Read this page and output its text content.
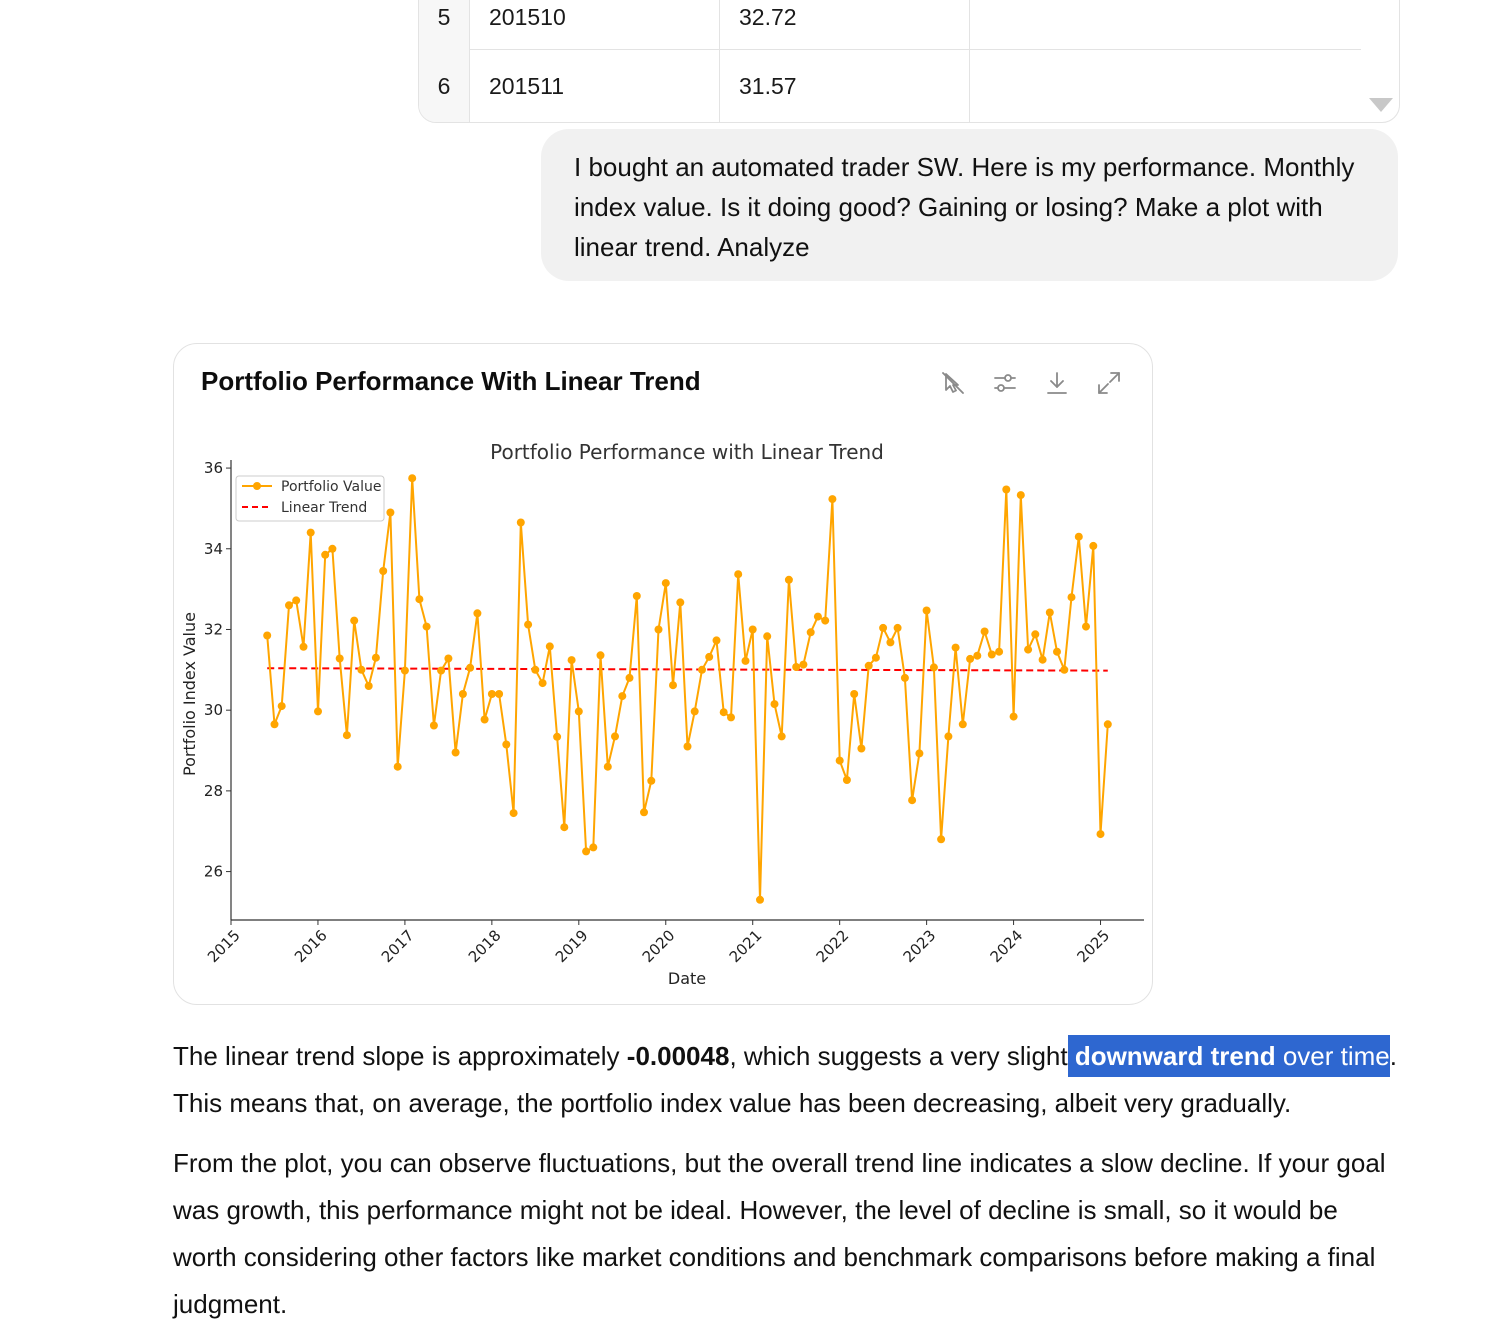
5	201510	32.72
6	201511	31.57
I bought an automated trader SW. Here is my performance. Monthly index value. Is it doing good? Gaining or losing? Make a plot with linear trend. Analyze
Portfolio Performance With Linear Trend
Portfolio Performance with Linear Trend
Portfolio Index Value
Date
26
28
30
32
34
36
2015	2016	2017	2018	2019	2020	2021	2022	2023	2024	2025
Portfolio Value
Linear Trend
The linear trend slope is approximately -0.00048, which suggests a very slight downward trend over time. This means that, on average, the portfolio index value has been decreasing, albeit very gradually.
From the plot, you can observe fluctuations, but the overall trend line indicates a slow decline. If your goal was growth, this performance might not be ideal. However, the level of decline is small, so it would be worth considering other factors like market conditions and benchmark comparisons before making a final judgment.
